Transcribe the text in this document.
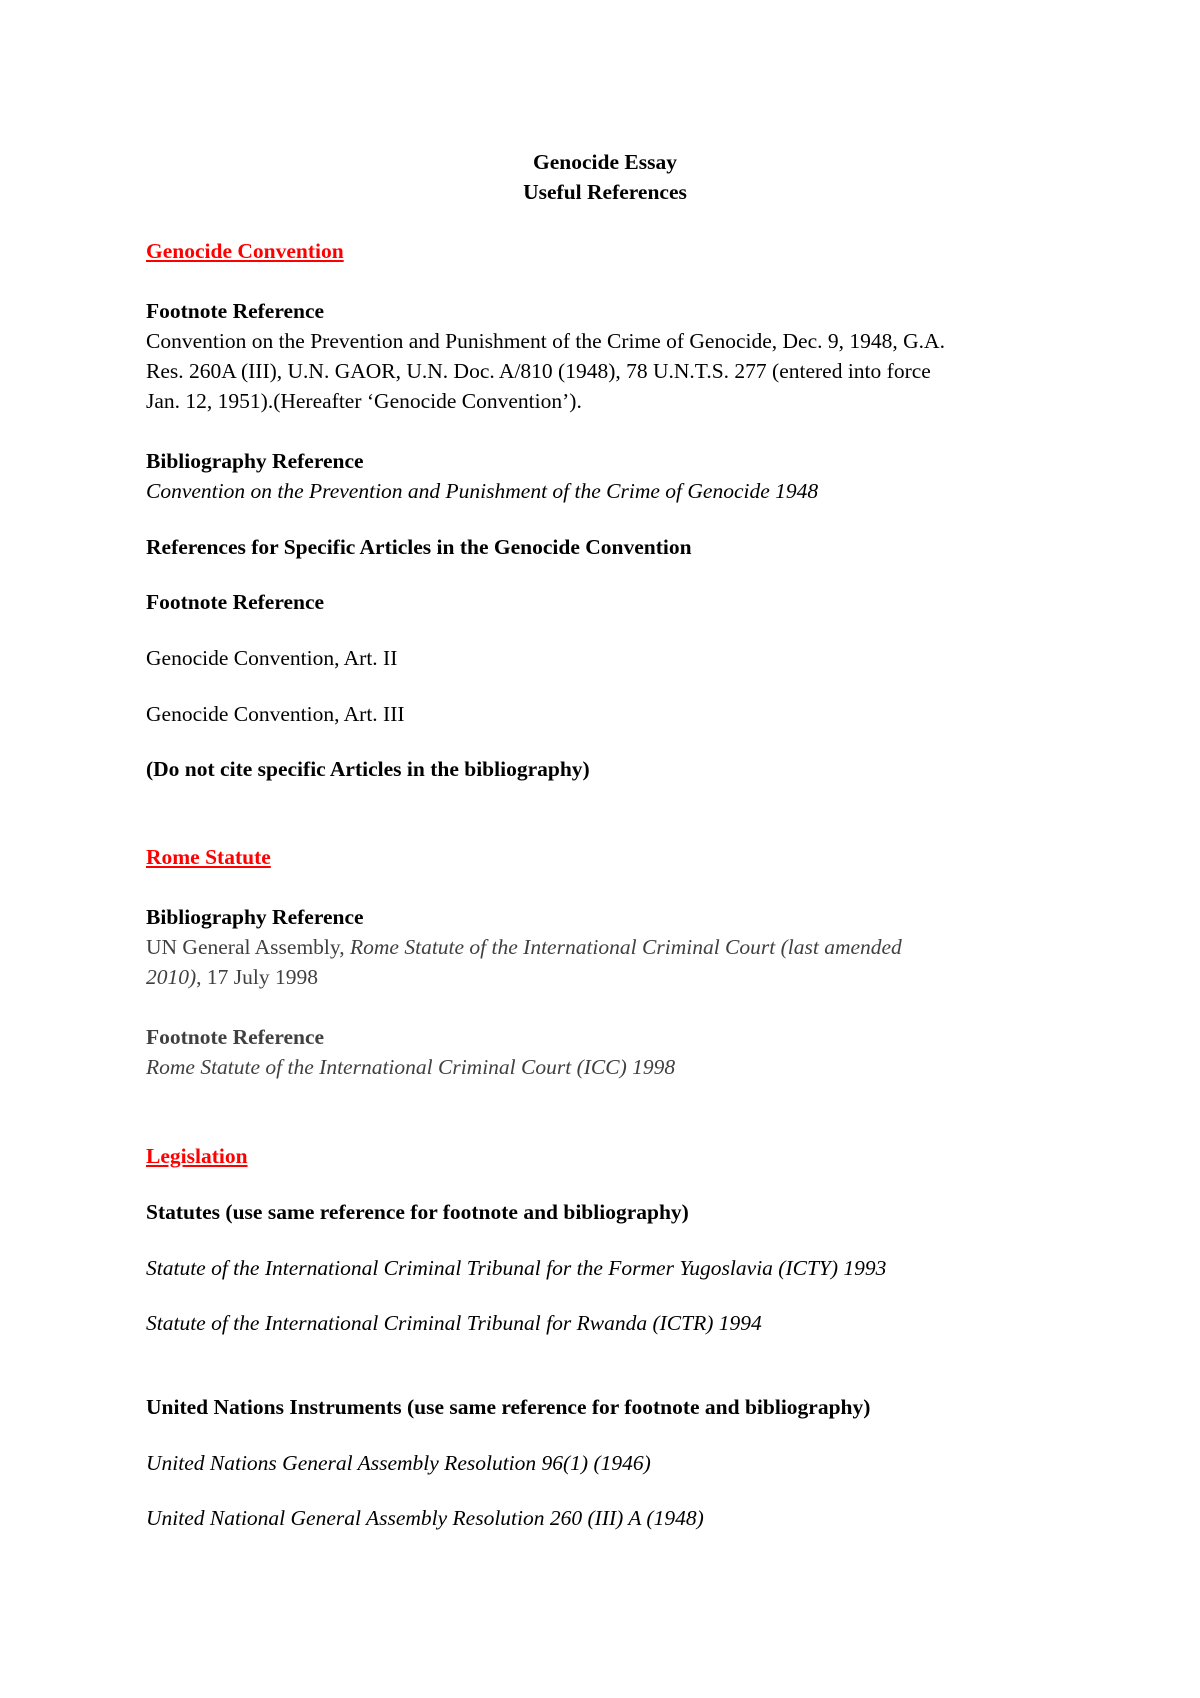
Genocide Essay
Useful References
Genocide Convention
Footnote Reference
Convention on the Prevention and Punishment of the Crime of Genocide, Dec. 9, 1948, G.A.
Res. 260A (III), U.N. GAOR, U.N. Doc. A/810 (1948), 78 U.N.T.S. 277 (entered into force
Jan. 12, 1951).(Hereafter ‘Genocide Convention’).
Bibliography Reference
Convention on the Prevention and Punishment of the Crime of Genocide 1948
References for Specific Articles in the Genocide Convention
Footnote Reference
Genocide Convention, Art. II
Genocide Convention, Art. III
(Do not cite specific Articles in the bibliography)
Rome Statute
Bibliography Reference
UN General Assembly, Rome Statute of the International Criminal Court (last amended
2010), 17 July 1998
Footnote Reference
Rome Statute of the International Criminal Court (ICC) 1998
Legislation
Statutes (use same reference for footnote and bibliography)
Statute of the International Criminal Tribunal for the Former Yugoslavia (ICTY) 1993
Statute of the International Criminal Tribunal for Rwanda (ICTR) 1994
United Nations Instruments (use same reference for footnote and bibliography)
United Nations General Assembly Resolution 96(1) (1946)
United National General Assembly Resolution 260 (III) A (1948)
